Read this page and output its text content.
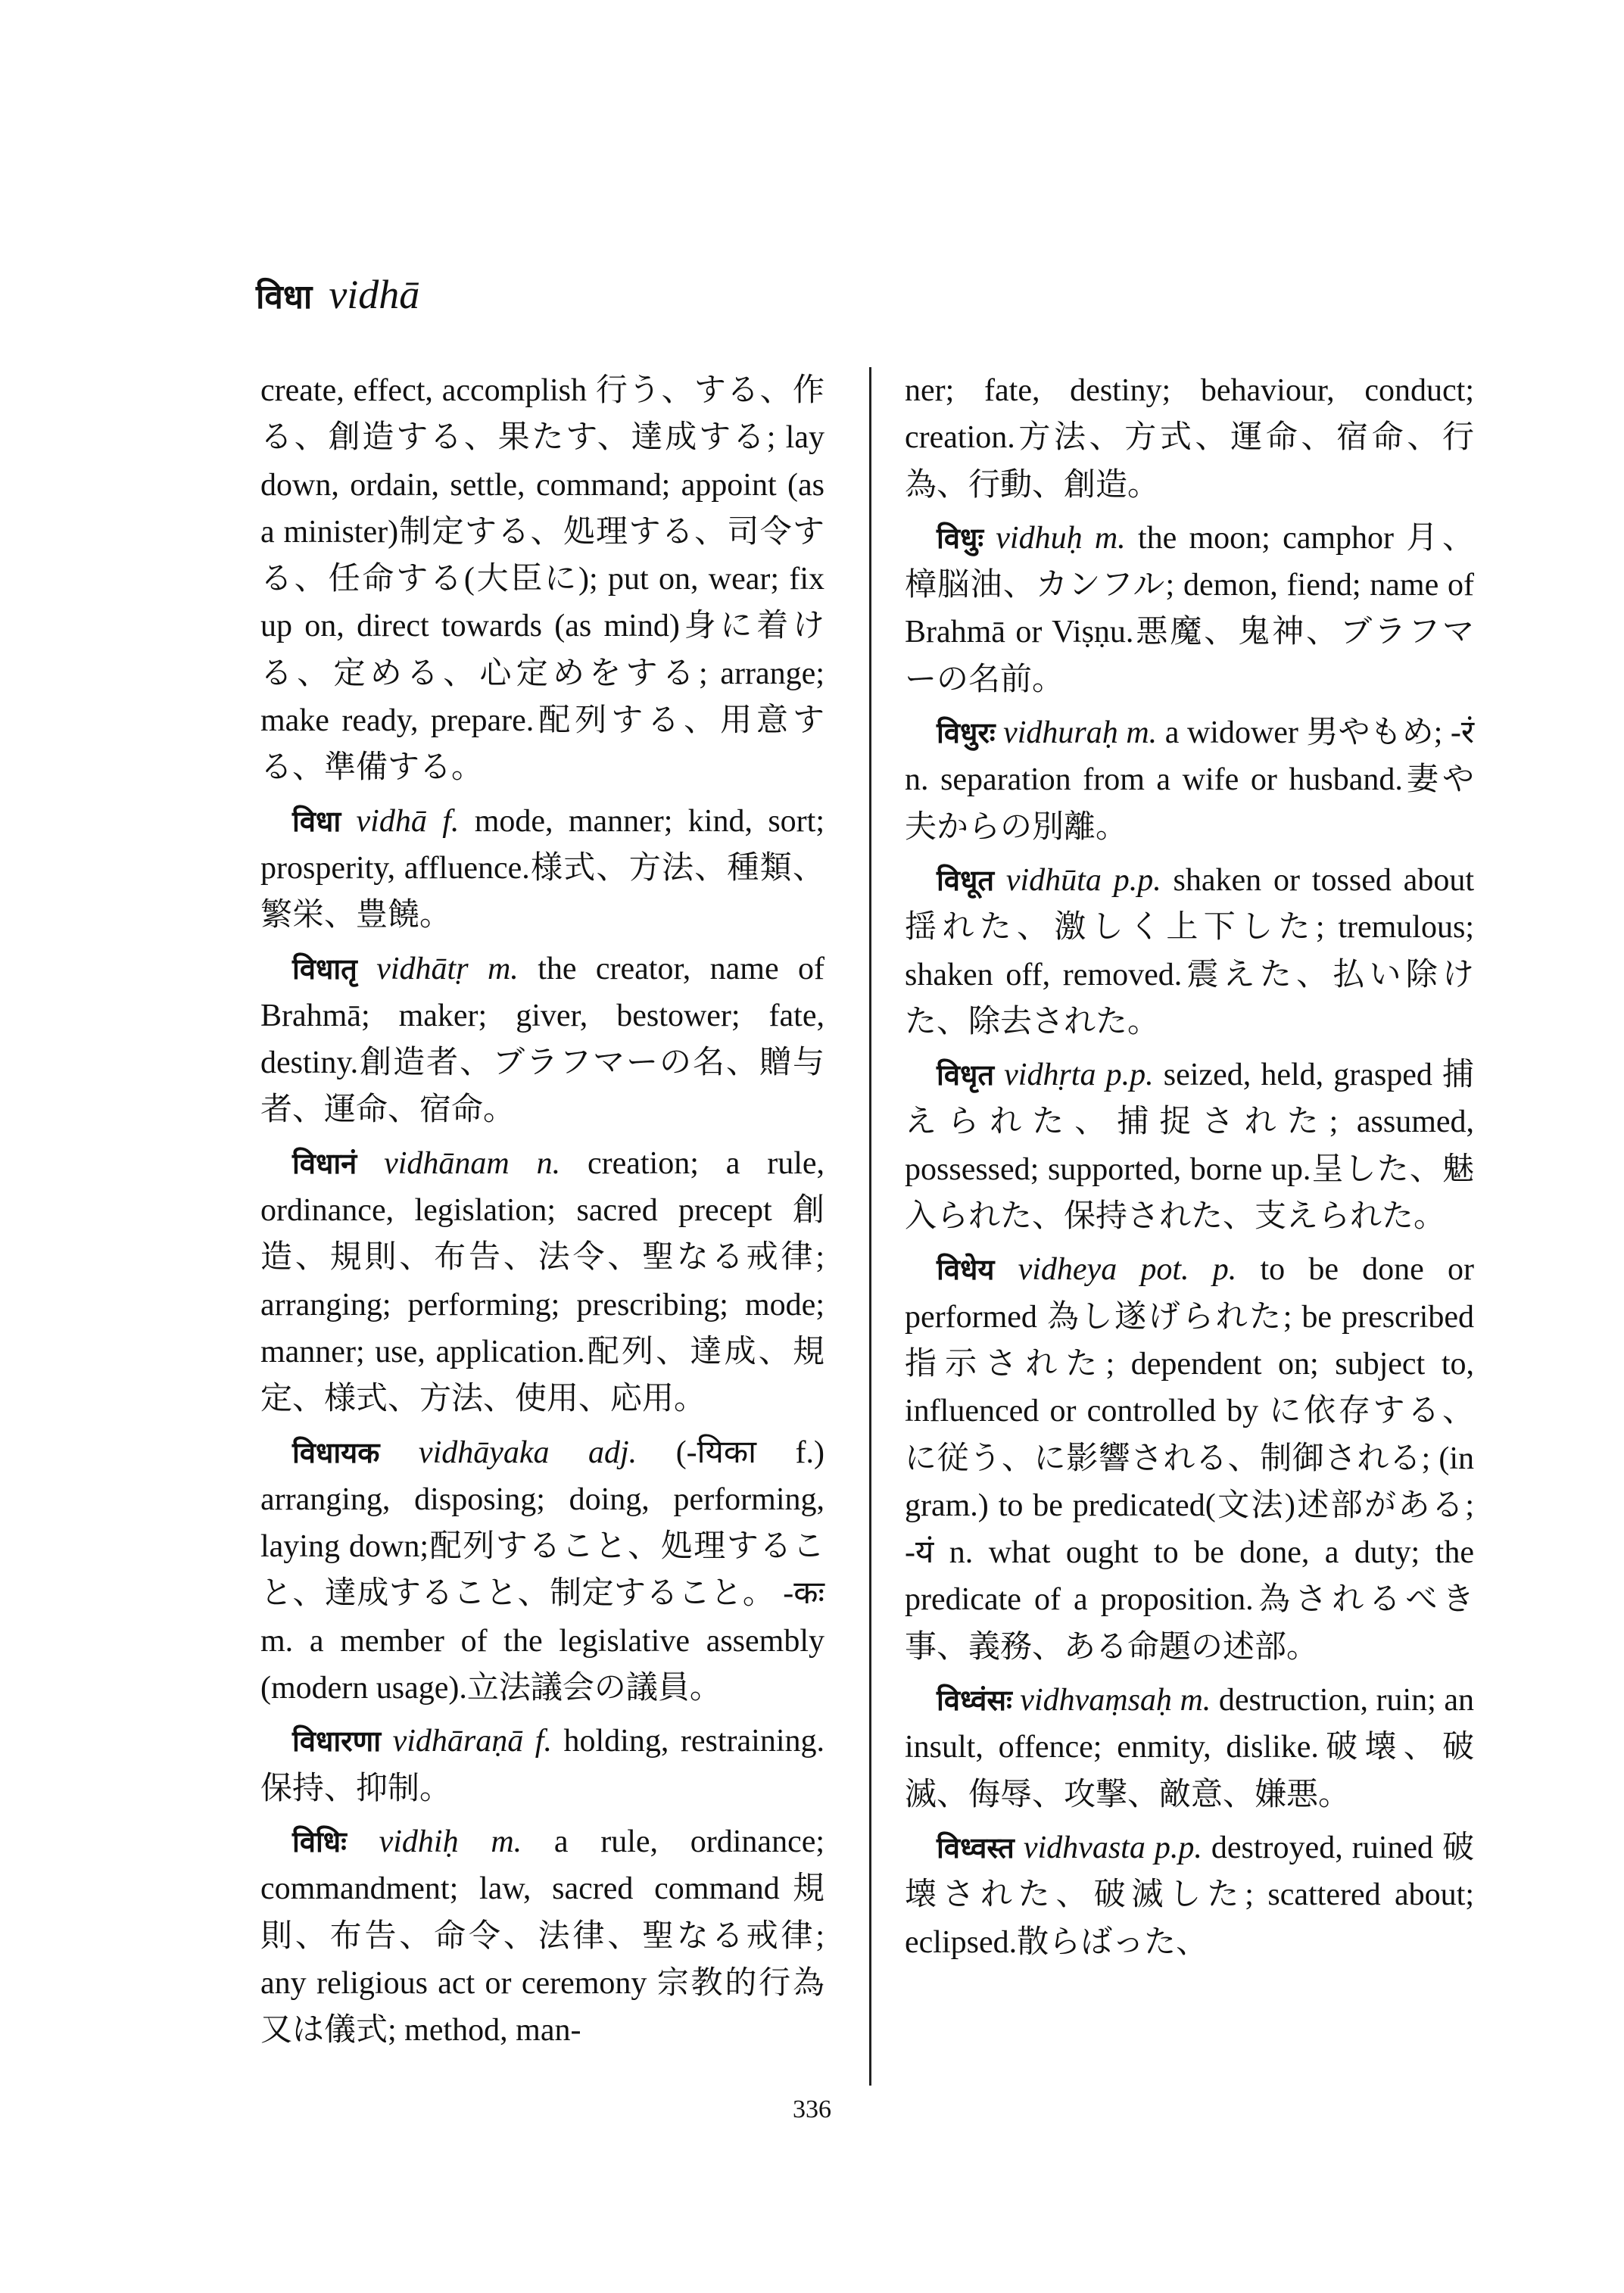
विधा vidhā

create, effect, accomplish 行う、する、作る、創造する、果たす、達成する; lay down, ordain, settle, command; appoint (as a minister)制定する、処理する、司令する、任命する(大臣に); put on, wear; fix up on, direct towards (as mind)身に着ける、定める、心定めをする; arrange; make ready, prepare.配列する、用意する、準備する。

विधा vidhā f. mode, manner; kind, sort; prosperity, affluence.様式、方法、種類、繁栄、豊饒。

विधातृ vidhātṛ m. the creator, name of Brahmā; maker; giver, bestower; fate, destiny.創造者、ブラフマーの名、贈与者、運命、宿命。

विधानं vidhānam n. creation; a rule, ordinance, legislation; sacred precept 創造、規則、布告、法令、聖なる戒律; arranging; performing; prescribing; mode; manner; use, application.配列、達成、規定、様式、方法、使用、応用。

विधायक vidhāyaka adj. (-यिका f.) arranging, disposing; doing, performing, laying down;配列すること、処理すること、達成すること、制定すること。 -कः m. a member of the legislative assembly (modern usage).立法議会の議員。

विधारणा vidhāraṇā f. holding, restraining. 保持、抑制。

विधिः vidhiḥ m. a rule, ordinance; commandment; law, sacred command規則、布告、命令、法律、聖なる戒律; any religious act or ceremony 宗教的行為又は儀式; method, man-

ner; fate, destiny; behaviour, conduct; creation.方法、方式、運命、宿命、行為、行動、創造。

विधुः vidhuḥ m. the moon; camphor 月、樟脳油、カンフル; demon, fiend; name of Brahmā or Viṣṇu.悪魔、鬼神、ブラフマーの名前。

विधुरः vidhuraḥ m. a widower 男やもめ; -रं n. separation from a wife or husband.妻や夫からの別離。

विधूत vidhūta p.p. shaken or tossed about 揺れた、激しく上下した; tremulous; shaken off, removed.震えた、払い除けた、除去された。

विधृत vidhṛta p.p. seized, held, grasped 捕えられた、捕捉された; assumed, possessed; supported, borne up.呈した、魅入られた、保持された、支えられた。

विधेय vidheya pot. p. to be done or performed 為し遂げられた; be prescribed 指示された; dependent on; subject to, influenced or controlled by に依存する、に従う、に影響される、制御される; (in gram.) to be predicated(文法)述部がある; -यं n. what ought to be done, a duty; the predicate of a proposition.為されるべき事、義務、ある命題の述部。

विध्वंसः vidhvaṃsaḥ m. destruction, ruin; an insult, offence; enmity, dislike.破壊、破滅、侮辱、攻撃、敵意、嫌悪。

विध्वस्त vidhvasta p.p. destroyed, ruined 破壊された、破滅した; scattered about; eclipsed.散らばった、

336
